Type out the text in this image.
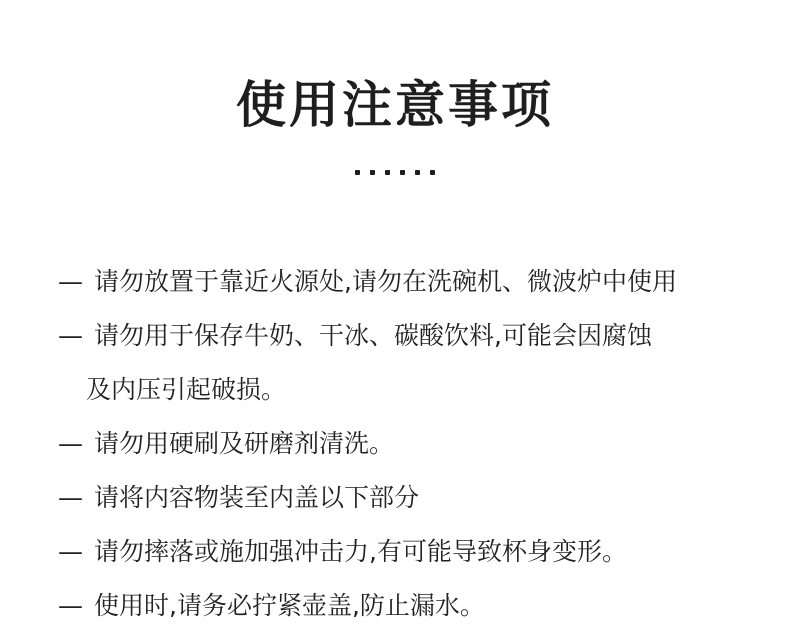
使用注意事项
— 请勿放置于靠近火源处,请勿在洗碗机、微波炉中使用
— 请勿用于保存牛奶、干冰、碳酸饮料,可能会因腐蚀
及内压引起破损。
— 请勿用硬刷及研磨剂清洗。
— 请将内容物装至内盖以下部分
— 请勿摔落或施加强冲击力,有可能导致杯身变形。
— 使用时,请务必拧紧壶盖,防止漏水。
